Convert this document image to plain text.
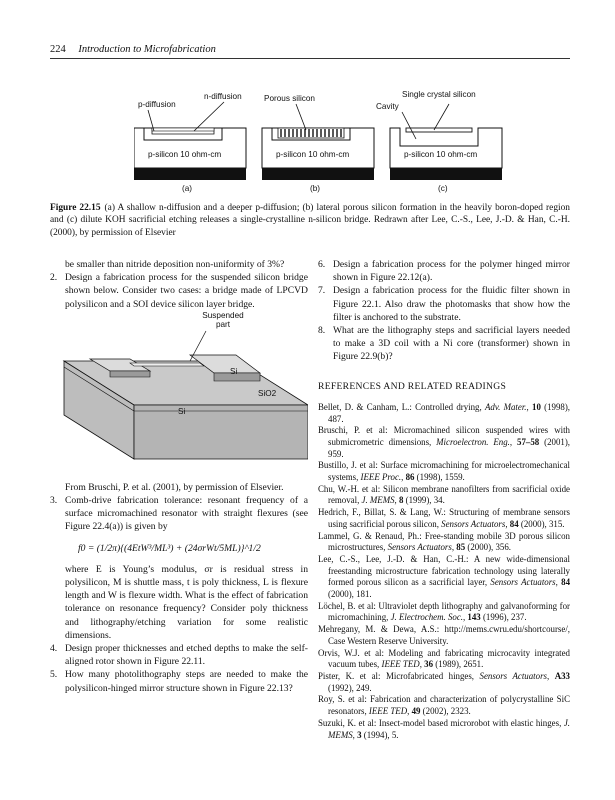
224 Introduction to Microfabrication
p-diffusion
n-diffusion	Porous silicon	Single crystal silicon
Cavity
p-silicon 10 ohm-cm	p-silicon 10 ohm-cm	p-silicon 10 ohm-cm
(a)	(b)	(c)
Figure 22.15 (a) A shallow n-diffusion and a deeper p-diffusion; (b) lateral porous silicon formation in the heavily boron-doped region and (c) dilute KOH sacrificial etching releases a single-crystalline n-silicon bridge. Redrawn after Lee, C.-S., Lee, J.-D. & Han, C.-H. (2000), by permission of Elsevier

be smaller than nitride deposition non-uniformity of 3%?

2. Design a fabrication process for the suspended silicon bridge shown below. Consider two cases: a bridge made of LPCVD polysilicon and a SOI device silicon layer bridge.

Suspended part
Si
SiO2
Si

From Bruschi, P. et al. (2001), by permission of Elsevier.

3. Comb-drive fabrication tolerance: resonant frequency of a surface micromachined resonator with straight flexures (see Figure 22.4(a)) is given by

f0 = (1/2π){(4EtW³/ML³) + (24σrWt/5ML)}^1/2

where E is Young’s modulus, σr is residual stress in polysilicon, M is shuttle mass, t is poly thickness, L is flexure length and W is flexure width. What is the effect of fabrication tolerance on resonance frequency? Consider poly thickness and lithography/etching variation for some realistic dimensions.

4. Design proper thicknesses and etched depths to make the self-aligned rotor shown in Figure 22.11.

5. How many photolithography steps are needed to make the polysilicon-hinged mirror structure shown in Figure 22.13?

6. Design a fabrication process for the polymer hinged mirror shown in Figure 22.12(a).

7. Design a fabrication process for the fluidic filter shown in Figure 22.1. Also draw the photomasks that show how the filter is anchored to the substrate.

8. What are the lithography steps and sacrificial layers needed to make a 3D coil with a Ni core (transformer) shown in Figure 22.9(b)?

REFERENCES AND RELATED READINGS

Bellet, D. & Canham, L.: Controlled drying, Adv. Mater., 10 (1998), 487.

Bruschi, P. et al: Micromachined silicon suspended wires with submicrometric dimensions, Microelectron. Eng., 57–58 (2001), 959.

Bustillo, J. et al: Surface micromachining for microelectromechanical systems, IEEE Proc., 86 (1998), 1559.

Chu, W.-H. et al: Silicon membrane nanofilters from sacrificial oxide removal, J. MEMS, 8 (1999), 34.

Hedrich, F., Billat, S. & Lang, W.: Structuring of membrane sensors using sacrificial porous silicon, Sensors Actuators, 84 (2000), 315.

Lammel, G. & Renaud, Ph.: Free-standing mobile 3D porous silicon microstructures, Sensors Actuators, 85 (2000), 356.

Lee, C.-S., Lee, J.-D. & Han, C.-H.: A new wide-dimensional freestanding microstructure fabrication technology using laterally formed porous silicon as a sacrificial layer, Sensors Actuators, 84 (2000), 181.

Löchel, B. et al: Ultraviolet depth lithography and galvanoforming for micromachining, J. Electrochem. Soc., 143 (1996), 237.

Mehregany, M. & Dewa, A.S.: http://mems.cwru.edu/shortcourse/, Case Western Reserve University.

Orvis, W.J. et al: Modeling and fabricating microcavity integrated vacuum tubes, IEEE TED, 36 (1989), 2651.

Pister, K. et al: Microfabricated hinges, Sensors Actuators, A33 (1992), 249.

Roy, S. et al: Fabrication and characterization of polycrystalline SiC resonators, IEEE TED, 49 (2002), 2323.

Suzuki, K. et al: Insect-model based microrobot with elastic hinges, J. MEMS, 3 (1994), 5.
